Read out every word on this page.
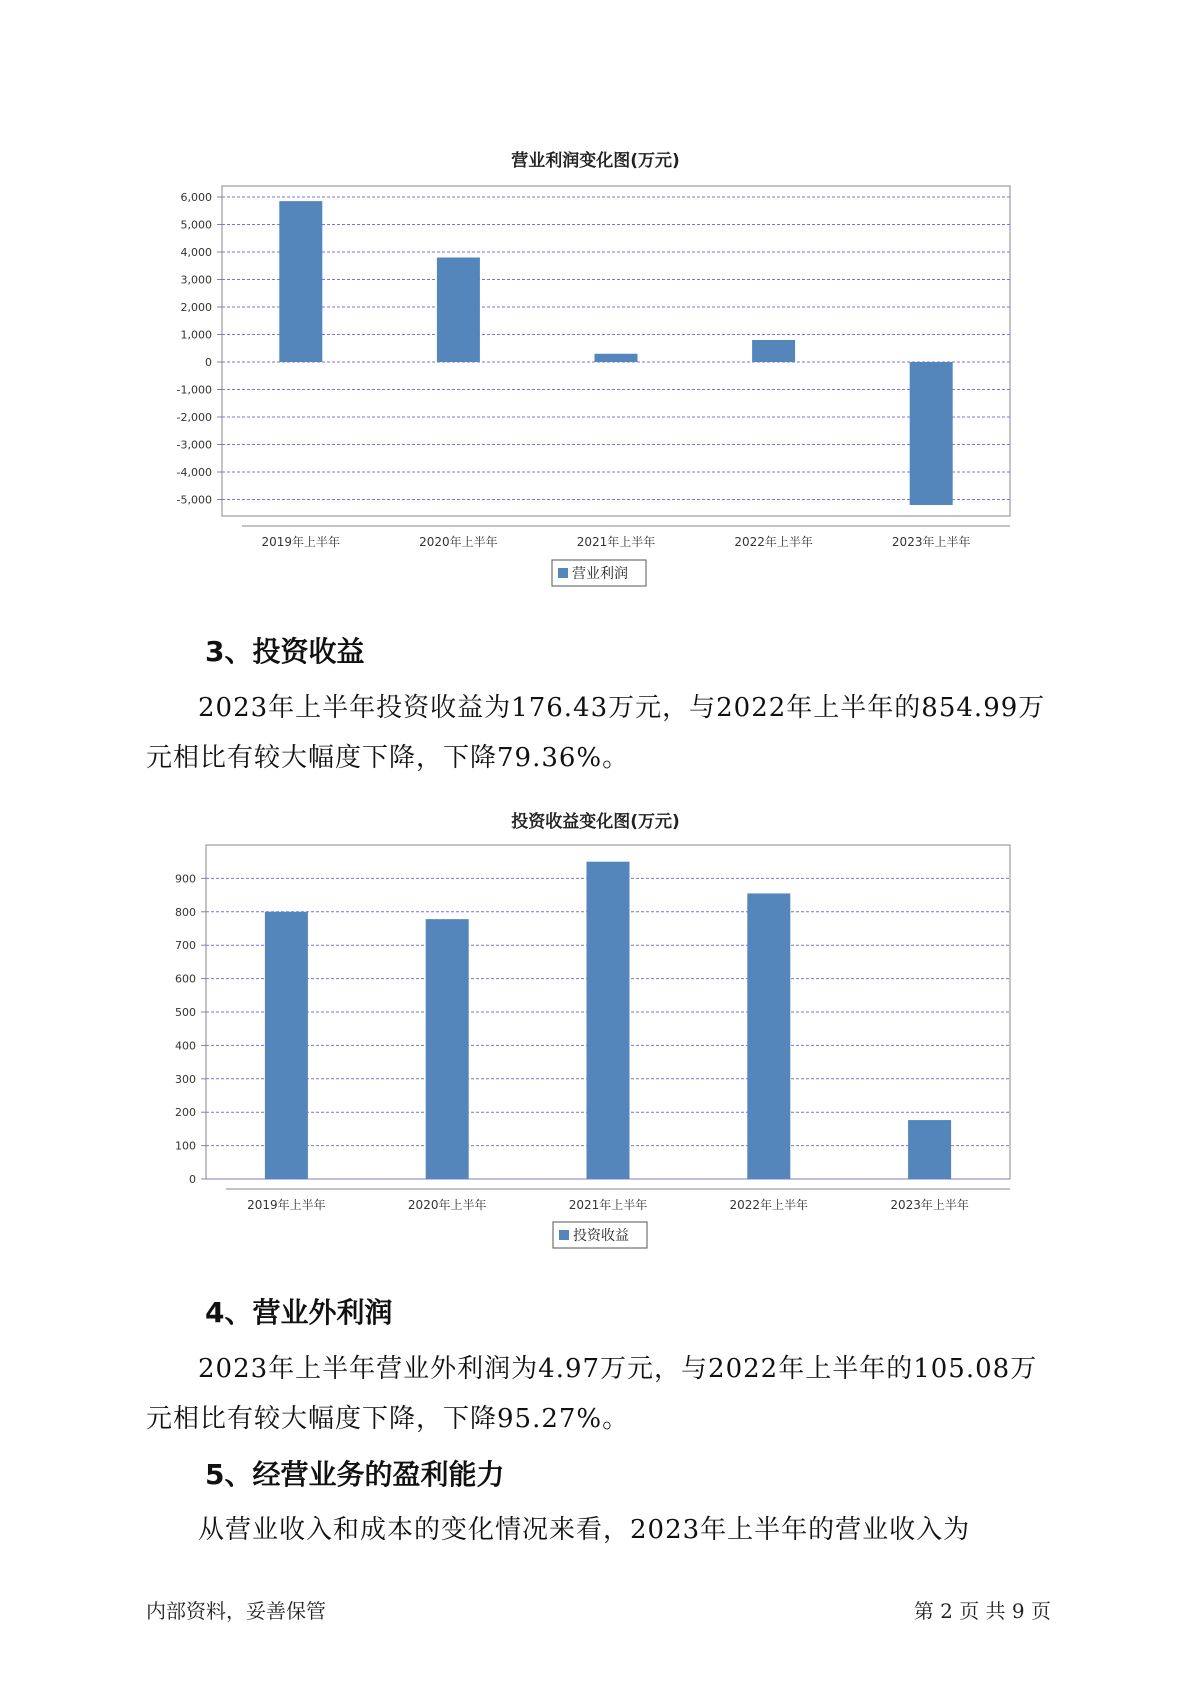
营业利润变化图(万元)
6,000
5,000
4,000
3,000
2,000
1,000
0
-1,000
-2,000
-3,000
-4,000
-5,000
2019年上半年	2020年上半年	2021年上半年	2022年上半年	2023年上半年
营业利润
3、投资收益

2023年上半年投资收益为176.43万元，与2022年上半年的854.99万元相比有较大幅度下降，下降79.36%。

投资收益变化图(万元)
900
800
700
600
500
400
300
200
100
0
2019年上半年	2020年上半年	2021年上半年	2022年上半年	2023年上半年
投资收益
4、营业外利润

2023年上半年营业外利润为4.97万元，与2022年上半年的105.08万元相比有较大幅度下降，下降95.27%。

5、经营业务的盈利能力

从营业收入和成本的变化情况来看，2023年上半年的营业收入为

内部资料，妥善保管	第 2 页 共 9 页
